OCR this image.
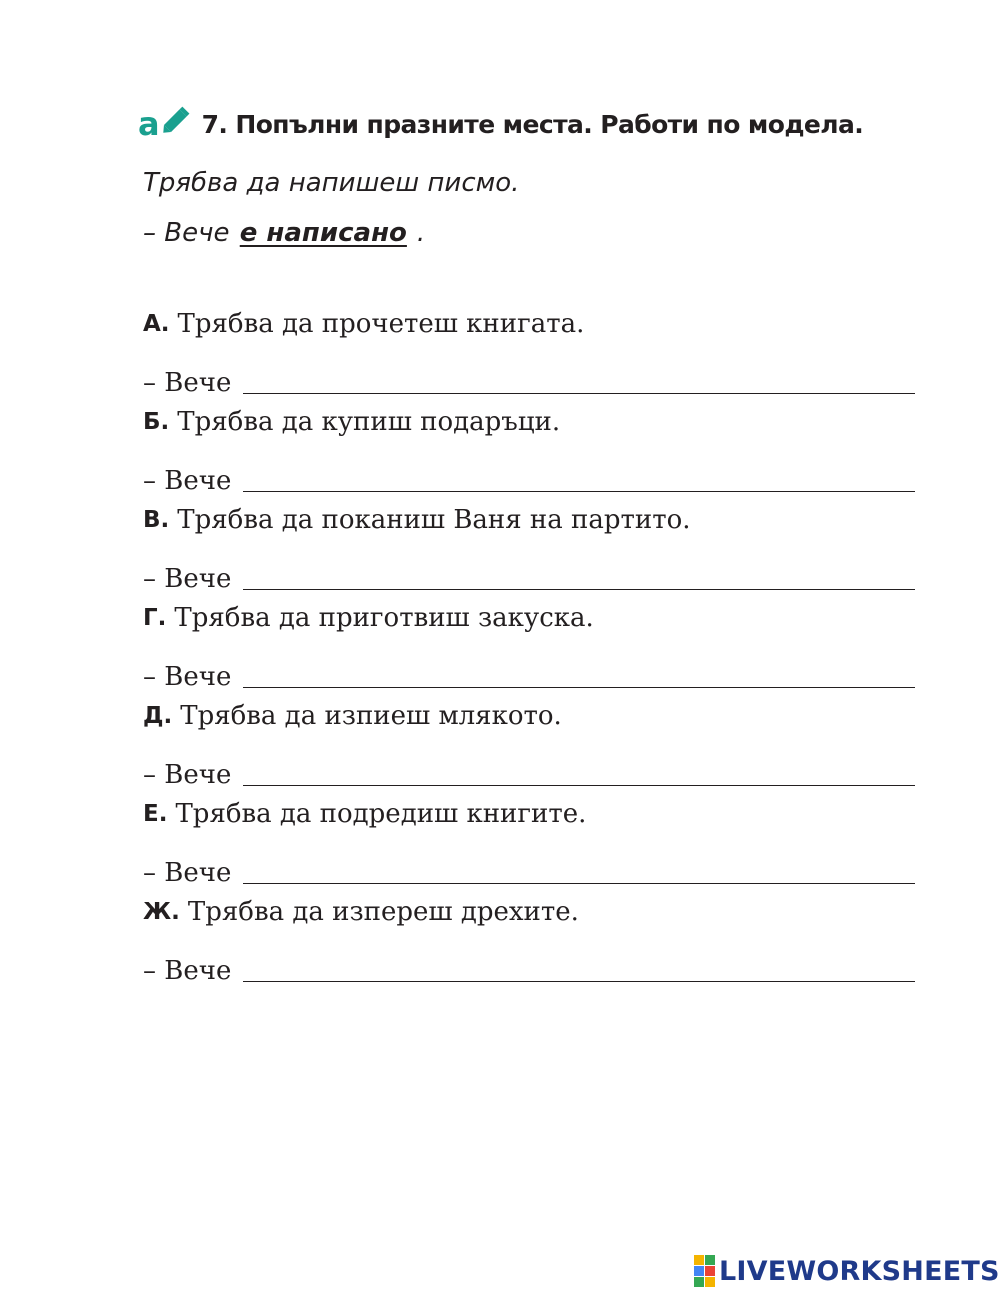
а 7. Попълни празните места. Работи по модела.
Трябва да напишеш писмо.
– Вече е написано .
А. Трябва да прочетеш книгата.
– Вече
Б. Трябва да купиш подаръци.
– Вече
В. Трябва да поканиш Ваня на партито.
– Вече
Г. Трябва да приготвиш закуска.
– Вече
Д. Трябва да изпиеш млякото.
– Вече
Е. Трябва да подредиш книгите.
– Вече
Ж. Трябва да изпереш дрехите.
– Вече
LIVEWORKSHEETS
